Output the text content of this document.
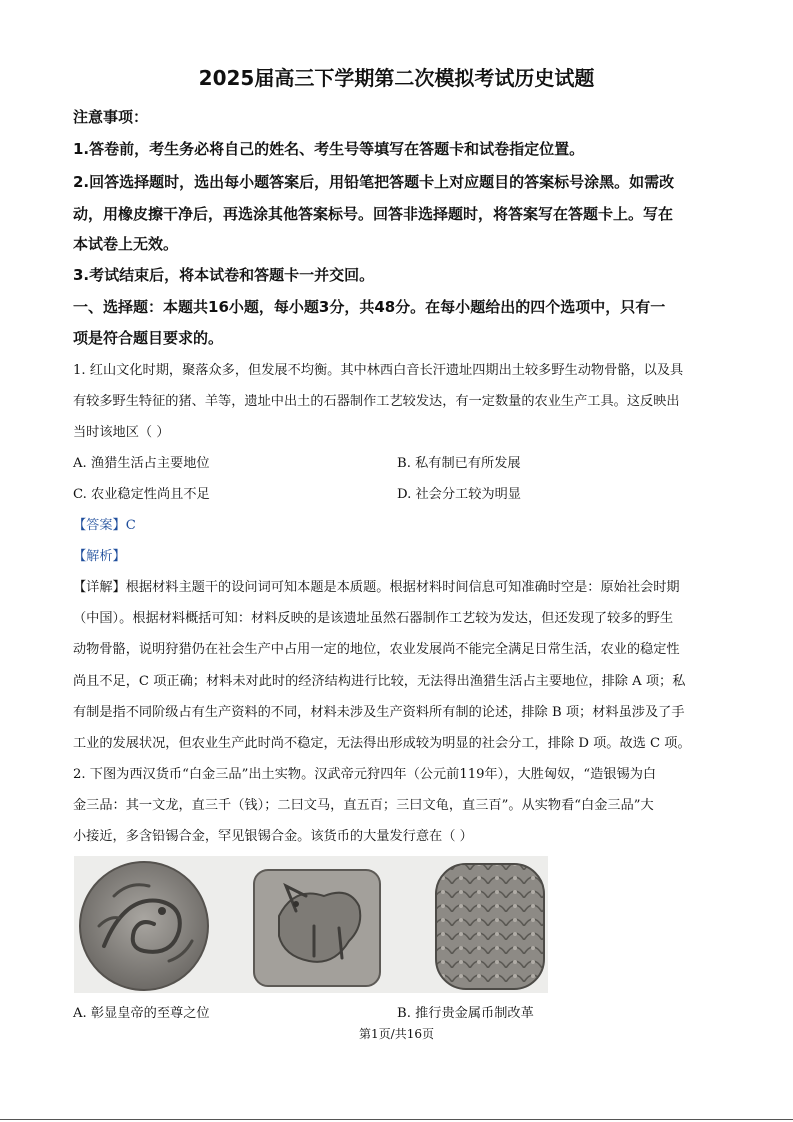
2025届高三下学期第二次模拟考试历史试题
注意事项：
1.答卷前，考生务必将自己的姓名、考生号等填写在答题卡和试卷指定位置。
2.回答选择题时，选出每小题答案后，用铅笔把答题卡上对应题目的答案标号涂黑。如需改
动，用橡皮擦干净后，再选涂其他答案标号。回答非选择题时，将答案写在答题卡上。写在
本试卷上无效。
3.考试结束后，将本试卷和答题卡一并交回。
一、选择题：本题共16小题，每小题3分，共48分。在每小题给出的四个选项中，只有一
项是符合题目要求的。
1. 红山文化时期，聚落众多，但发展不均衡。其中林西白音长汗遗址四期出土较多野生动物骨骼，以及具
有较多野生特征的猪、羊等，遗址中出土的石器制作工艺较发达，有一定数量的农业生产工具。这反映出
当时该地区（ ）
A. 渔猎生活占主要地位	B. 私有制已有所发展
C. 农业稳定性尚且不足	D. 社会分工较为明显
【答案】C
【解析】
【详解】根据材料主题干的设问词可知本题是本质题。根据材料时间信息可知准确时空是：原始社会时期
（中国）。根据材料概括可知：材料反映的是该遗址虽然石器制作工艺较为发达，但还发现了较多的野生
动物骨骼，说明狩猎仍在社会生产中占用一定的地位，农业发展尚不能完全满足日常生活，农业的稳定性
尚且不足，C 项正确；材料未对此时的经济结构进行比较，无法得出渔猎生活占主要地位，排除 A 项；私
有制是指不同阶级占有生产资料的不同，材料未涉及生产资料所有制的论述，排除 B 项；材料虽涉及了手
工业的发展状况，但农业生产此时尚不稳定，无法得出形成较为明显的社会分工，排除 D 项。故选 C 项。
2. 下图为西汉货币“白金三品”出土实物。汉武帝元狩四年（公元前119年），大胜匈奴，“造银锡为白
金三品：其一文龙，直三千（钱）；二曰文马，直五百；三曰文龟，直三百”。从实物看“白金三品”大
小接近，多含铅锡合金，罕见银锡合金。该货币的大量发行意在（ ）
A. 彰显皇帝的至尊之位	B. 推行贵金属币制改革
第1页/共16页
